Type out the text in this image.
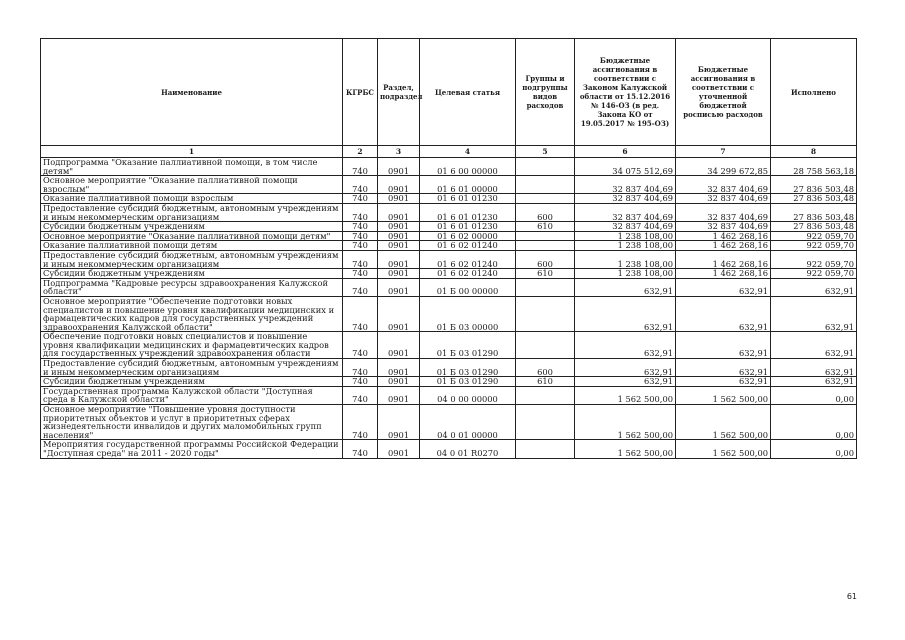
Наименование	КГРБС	Раздел, подраздел	Целевая статья	Группы и подгруппы видов расходов	Бюджетные ассигнования в соответствии с Законом Калужской области от 15.12.2016 № 146-ОЗ (в ред. Закона КО от 19.05.2017 № 195-ОЗ)	Бюджетные ассигнования в соответствии с уточненной бюджетной росписью расходов	Исполнено
1	2	3	4	5	6	7	8
Подпрограмма "Оказание паллиативной помощи, в том числе детям"	740	0901	01 6 00 00000		34 075 512,69	34 299 672,85	28 758 563,18
Основное мероприятие "Оказание паллиативной помощи взрослым"	740	0901	01 6 01 00000		32 837 404,69	32 837 404,69	27 836 503,48
Оказание паллиативной помощи взрослым	740	0901	01 6 01 01230		32 837 404,69	32 837 404,69	27 836 503,48
Предоставление субсидий бюджетным, автономным учреждениям и иным некоммерческим организациям	740	0901	01 6 01 01230	600	32 837 404,69	32 837 404,69	27 836 503,48
Субсидии бюджетным учреждениям	740	0901	01 6 01 01230	610	32 837 404,69	32 837 404,69	27 836 503,48
Основное мероприятие "Оказание паллиативной помощи детям"	740	0901	01 6 02 00000		1 238 108,00	1 462 268,16	922 059,70
Оказание паллиативной помощи детям	740	0901	01 6 02 01240		1 238 108,00	1 462 268,16	922 059,70
Предоставление субсидий бюджетным, автономным учреждениям и иным некоммерческим организациям	740	0901	01 6 02 01240	600	1 238 108,00	1 462 268,16	922 059,70
Субсидии бюджетным учреждениям	740	0901	01 6 02 01240	610	1 238 108,00	1 462 268,16	922 059,70
Подпрограмма "Кадровые ресурсы здравоохранения Калужской области"	740	0901	01 Б 00 00000		632,91	632,91	632,91
Основное мероприятие "Обеспечение подготовки новых специалистов и повышение уровня квалификации медицинских и фармацевтических кадров для государственных учреждений здравоохранения Калужской области"	740	0901	01 Б 03 00000		632,91	632,91	632,91
Обеспечение подготовки новых специалистов и повышение уровня квалификации медицинских и фармацевтических кадров для государственных учреждений здравоохранения области	740	0901	01 Б 03 01290		632,91	632,91	632,91
Предоставление субсидий бюджетным, автономным учреждениям и иным некоммерческим организациям	740	0901	01 Б 03 01290	600	632,91	632,91	632,91
Субсидии бюджетным учреждениям	740	0901	01 Б 03 01290	610	632,91	632,91	632,91
Государственная программа Калужской области "Доступная среда в Калужской области"	740	0901	04 0 00 00000		1 562 500,00	1 562 500,00	0,00
Основное мероприятие "Повышение уровня доступности приоритетных объектов и услуг в приоритетных сферах жизнедеятельности инвалидов и других маломобильных групп населения"	740	0901	04 0 01 00000		1 562 500,00	1 562 500,00	0,00
Мероприятия государственной программы Российской Федерации "Доступная среда" на 2011 - 2020 годы"	740	0901	04 0 01 R0270		1 562 500,00	1 562 500,00	0,00
61
